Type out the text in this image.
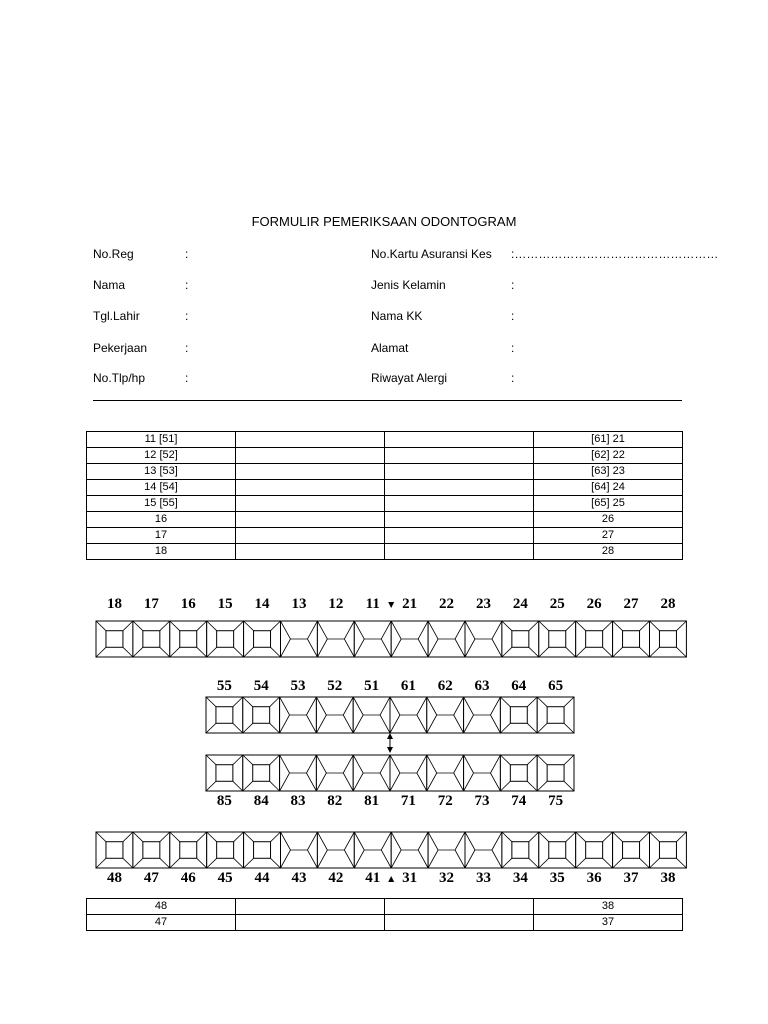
FORMULIR PEMERIKSAAN ODONTOGRAM
No.Reg	:
Nama	:
Tgl.Lahir	:
Pekerjaan	:
No.Tlp/hp	:
No.Kartu Asuransi Kes :……………………………………………
Jenis Kelamin	:
Nama KK	:
Alamat	:
Riwayat Alergi	:
11 [51]			[61] 21
12 [52]			[62] 22
13 [53]			[63] 23
14 [54]			[64] 24
15 [55]			[65] 25
16			26
17			27
18			28
18	17	16	15	14	13	12	11	21	22	23	24	25	26	27	28
55	54	53	52	51	61	62	63	64	65
85	84	83	82	81	71	72	73	74	75
48	47	46	45	44	43	42	41	31	32	33	34	35	36	37	38
48			38
47			37
